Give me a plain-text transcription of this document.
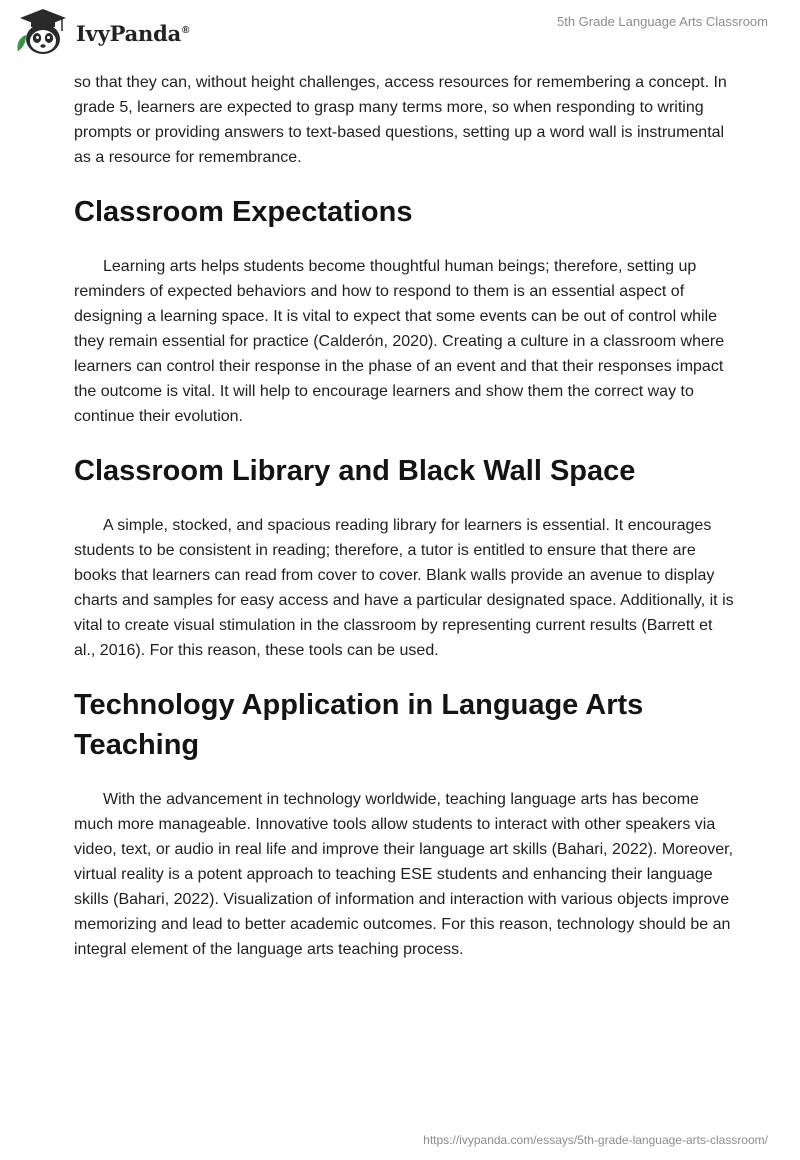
IvyPanda®
5th Grade Language Arts Classroom

so that they can, without height challenges, access resources for remembering a concept. In grade 5, learners are expected to grasp many terms more, so when responding to writing prompts or providing answers to text-based questions, setting up a word wall is instrumental as a resource for remembrance.

Classroom Expectations

Learning arts helps students become thoughtful human beings; therefore, setting up reminders of expected behaviors and how to respond to them is an essential aspect of designing a learning space. It is vital to expect that some events can be out of control while they remain essential for practice (Calderón, 2020). Creating a culture in a classroom where learners can control their response in the phase of an event and that their responses impact the outcome is vital. It will help to encourage learners and show them the correct way to continue their evolution.

Classroom Library and Black Wall Space

A simple, stocked, and spacious reading library for learners is essential. It encourages students to be consistent in reading; therefore, a tutor is entitled to ensure that there are books that learners can read from cover to cover. Blank walls provide an avenue to display charts and samples for easy access and have a particular designated space. Additionally, it is vital to create visual stimulation in the classroom by representing current results (Barrett et al., 2016). For this reason, these tools can be used.

Technology Application in Language Arts Teaching

With the advancement in technology worldwide, teaching language arts has become much more manageable. Innovative tools allow students to interact with other speakers via video, text, or audio in real life and improve their language art skills (Bahari, 2022). Moreover, virtual reality is a potent approach to teaching ESE students and enhancing their language skills (Bahari, 2022). Visualization of information and interaction with various objects improve memorizing and lead to better academic outcomes. For this reason, technology should be an integral element of the language arts teaching process.

https://ivypanda.com/essays/5th-grade-language-arts-classroom/
